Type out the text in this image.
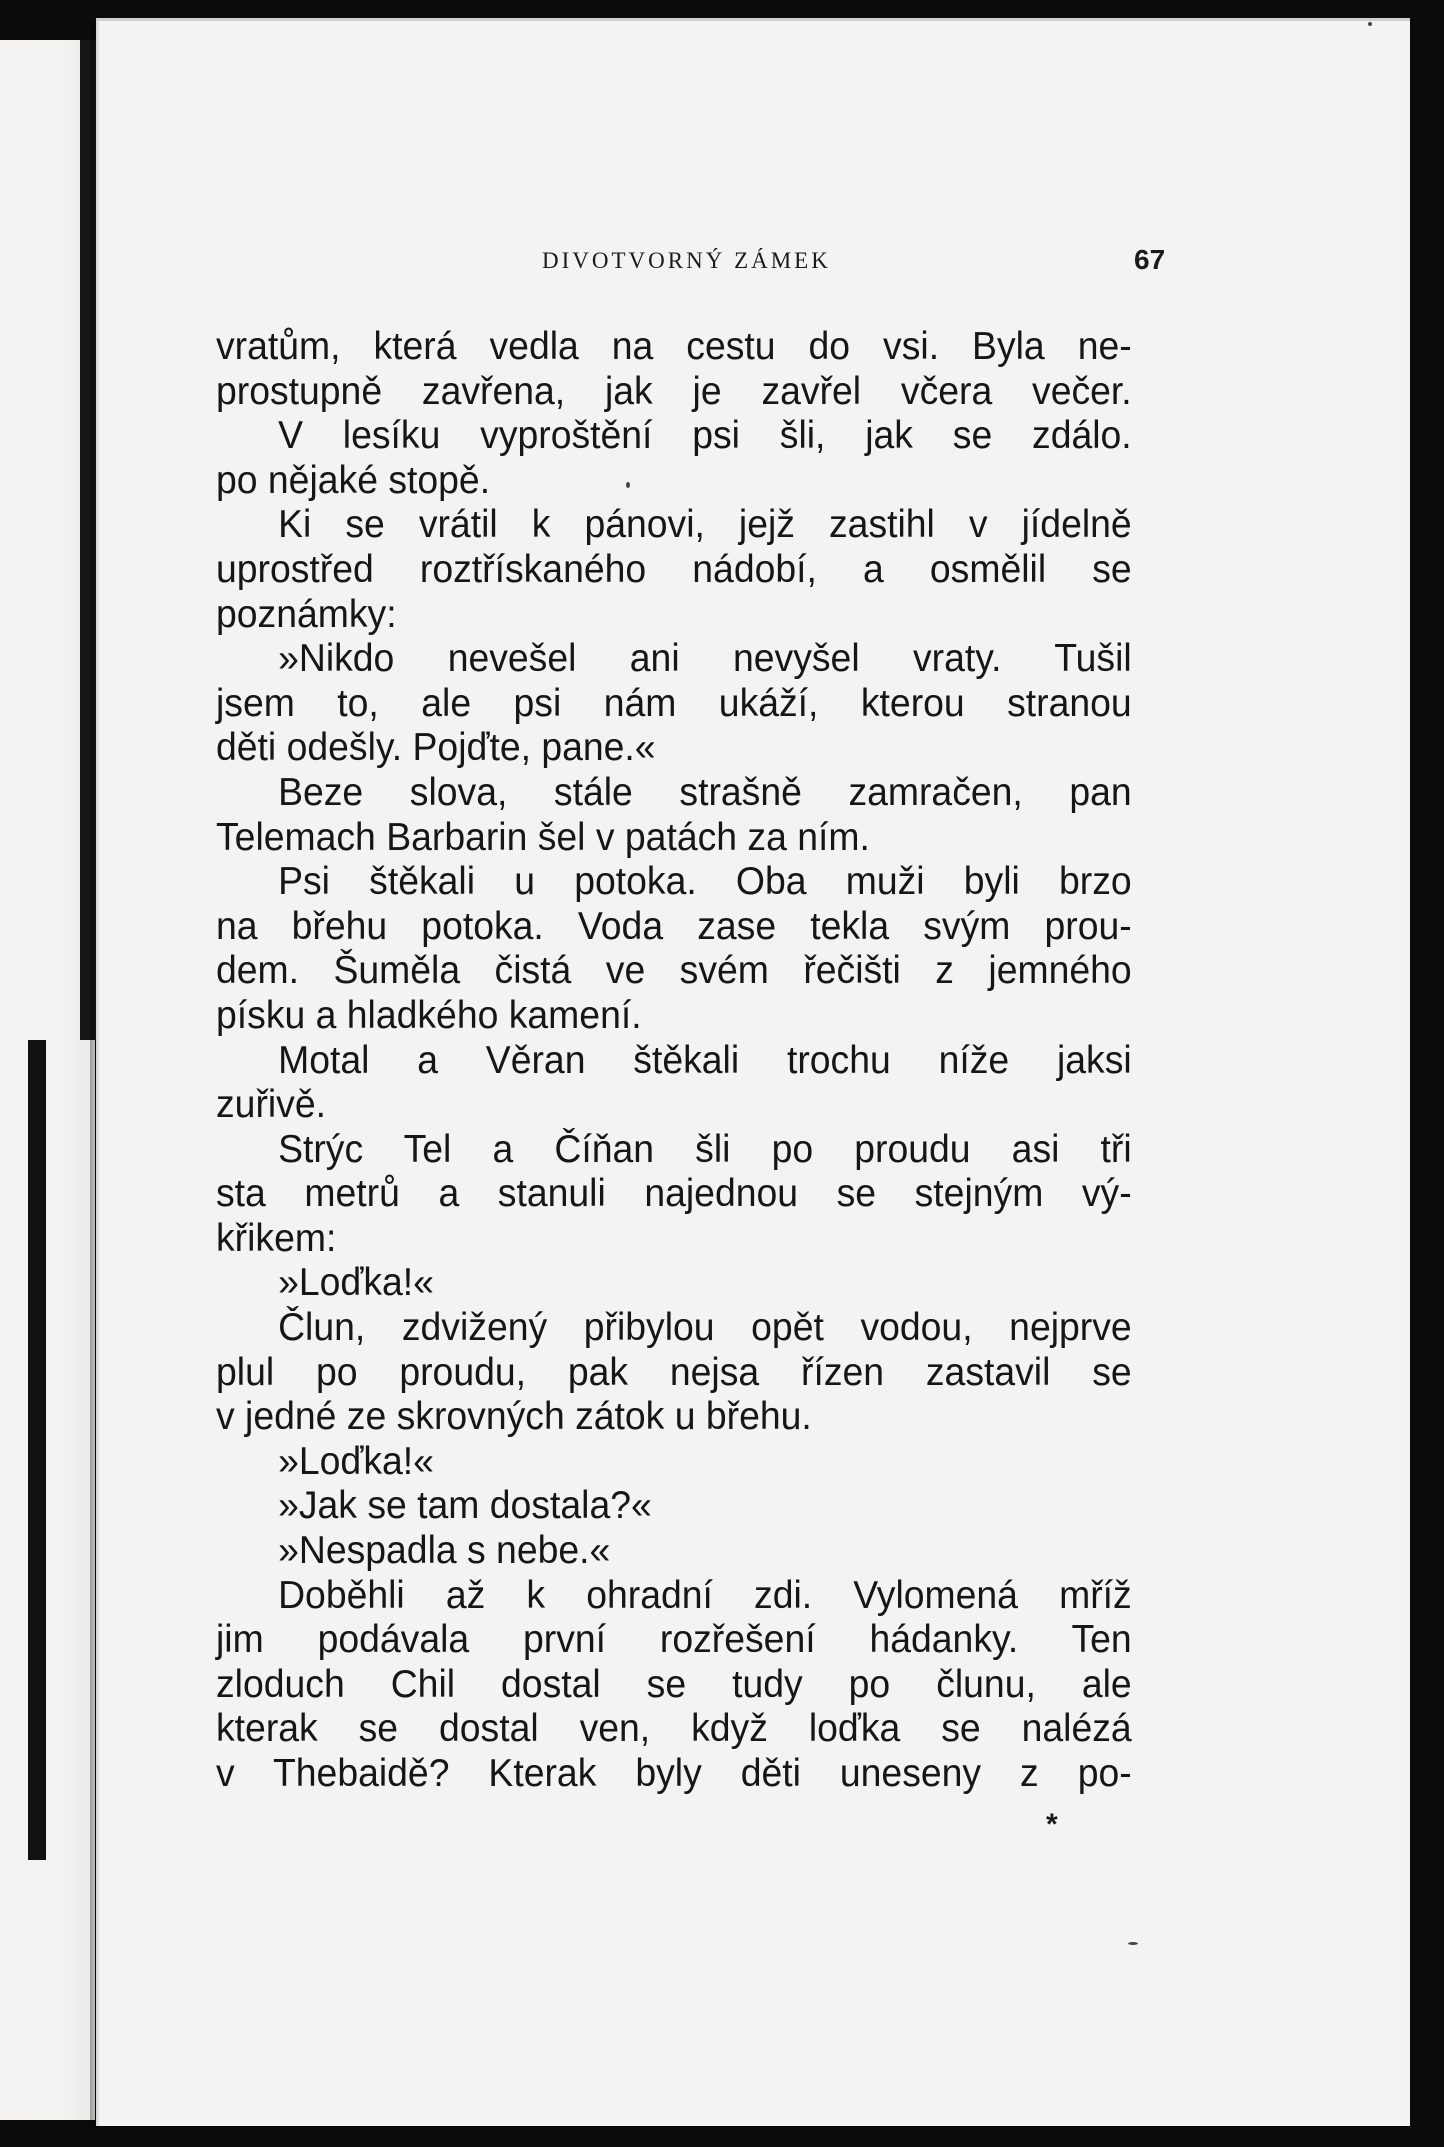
DIVOTVORNÝ ZÁMEK	67
vratům, která vedla na cestu do vsi. Byla ne-
prostupně zavřena, jak je zavřel včera večer.
V lesíku vyproštění psi šli, jak se zdálo.
po nějaké stopě.
Ki se vrátil k pánovi, jejž zastihl v jídelně
uprostřed roztřískaného nádobí, a osmělil se
poznámky:
»Nikdo nevešel ani nevyšel vraty. Tušil
jsem to, ale psi nám ukáží, kterou stranou
děti odešly. Pojďte, pane.«
Beze slova, stále strašně zamračen, pan
Telemach Barbarin šel v patách za ním.
Psi štěkali u potoka. Oba muži byli brzo
na břehu potoka. Voda zase tekla svým prou-
dem. Šuměla čistá ve svém řečišti z jemného
písku a hladkého kamení.
Motal a Věran štěkali trochu níže jaksi
zuřivě.
Strýc Tel a Číňan šli po proudu asi tři
sta metrů a stanuli najednou se stejným vý-
křikem:
»Loďka!«
Člun, zdvižený přibylou opět vodou, nejprve
plul po proudu, pak nejsa řízen zastavil se
v jedné ze skrovných zátok u břehu.
»Loďka!«
»Jak se tam dostala?«
»Nespadla s nebe.«
Doběhli až k ohradní zdi. Vylomená mříž
jim podávala první rozřešení hádanky. Ten
zloduch Chil dostal se tudy po člunu, ale
kterak se dostal ven, když loďka se nalézá
v Thebaidě? Kterak byly děti uneseny z po-
*
